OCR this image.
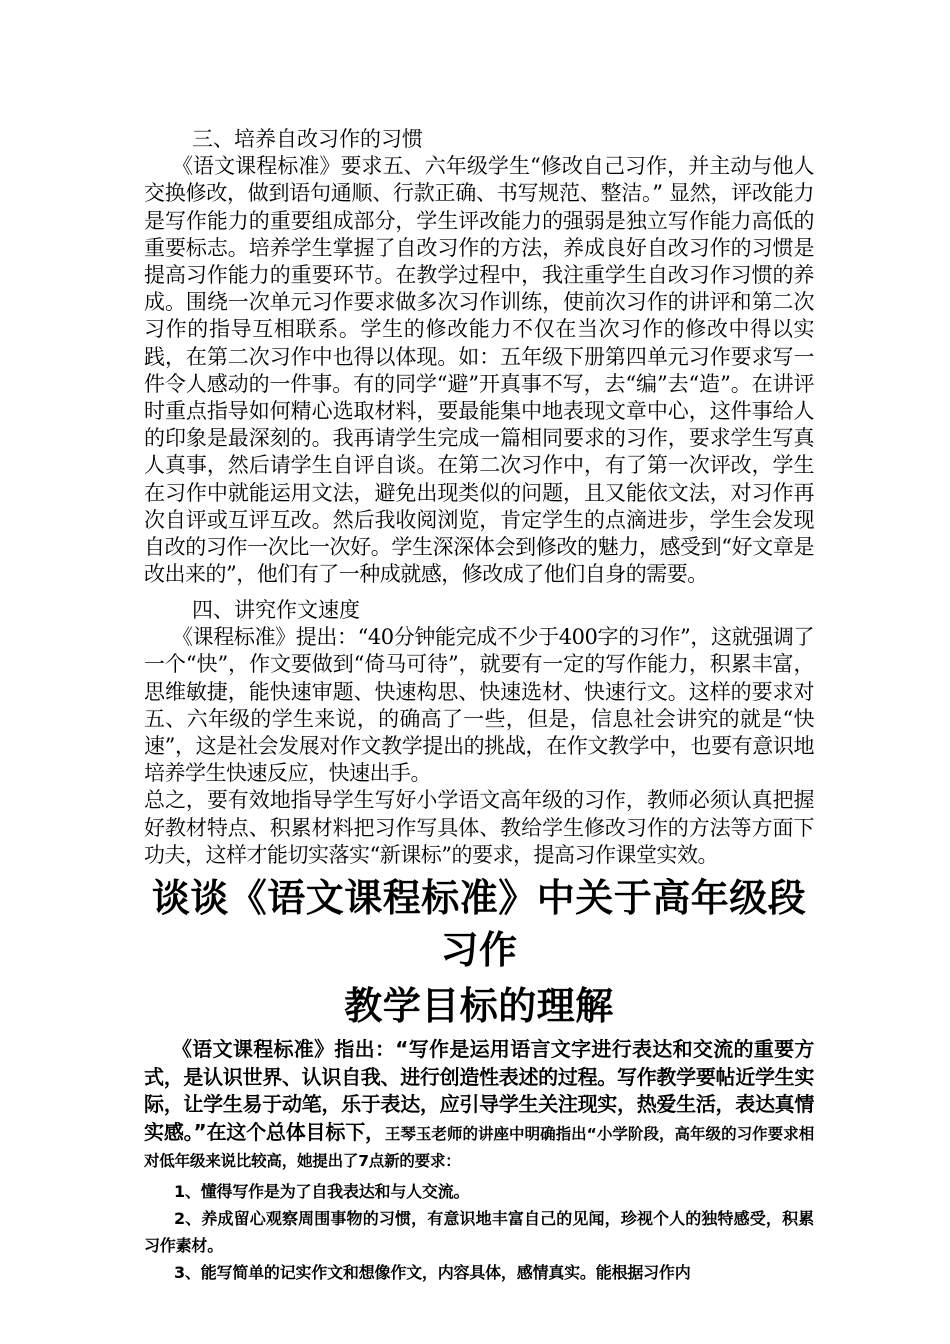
三、培养自改习作的习惯

《语文课程标准》要求五、六年级学生“修改自己习作，并主动与他人交换修改，做到语句通顺、行款正确、书写规范、整洁。” 显然，评改能力是写作能力的重要组成部分，学生评改能力的强弱是独立写作能力高低的重要标志。培养学生掌握了自改习作的方法，养成良好自改习作的习惯是提高习作能力的重要环节。在教学过程中，我注重学生自改习作习惯的养成。围绕一次单元习作要求做多次习作训练，使前次习作的讲评和第二次习作的指导互相联系。学生的修改能力不仅在当次习作的修改中得以实践，在第二次习作中也得以体现。如：五年级下册第四单元习作要求写一件令人感动的一件事。有的同学“避”开真事不写，去“编”去“造”。在讲评时重点指导如何精心选取材料，要最能集中地表现文章中心，这件事给人的印象是最深刻的。我再请学生完成一篇相同要求的习作，要求学生写真人真事，然后请学生自评自谈。在第二次习作中，有了第一次评改，学生在习作中就能运用文法，避免出现类似的问题，且又能依文法，对习作再次自评或互评互改。然后我收阅浏览，肯定学生的点滴进步，学生会发现自改的习作一次比一次好。学生深深体会到修改的魅力，感受到“好文章是改出来的”，他们有了一种成就感，修改成了他们自身的需要。

四、讲究作文速度

《课程标准》提出：“40分钟能完成不少于400字的习作”，这就强调了一个“快”，作文要做到“倚马可待”，就要有一定的写作能力，积累丰富，思维敏捷，能快速审题、快速构思、快速选材、快速行文。这样的要求对五、六年级的学生来说，的确高了一些，但是，信息社会讲究的就是“快速”，这是社会发展对作文教学提出的挑战，在作文教学中，也要有意识地培养学生快速反应，快速出手。

总之，要有效地指导学生写好小学语文高年级的习作，教师必须认真把握好教材特点、积累材料把习作写具体、教给学生修改习作的方法等方面下功夫，这样才能切实落实“新课标”的要求，提高习作课堂实效。

谈谈《语文课程标准》中关于高年级段习作

教学目标的理解

《语文课程标准》指出：“写作是运用语言文字进行表达和交流的重要方式，是认识世界、认识自我、进行创造性表述的过程。写作教学要帖近学生实际，让学生易于动笔，乐于表达，应引导学生关注现实，热爱生活，表达真情实感。”在这个总体目标下，王琴玉老师的讲座中明确指出“小学阶段，高年级的习作要求相对低年级来说比较高，她提出了7点新的要求：

1、懂得写作是为了自我表达和与人交流。

2、养成留心观察周围事物的习惯，有意识地丰富自己的见闻，珍视个人的独特感受，积累习作素材。

3、能写简单的记实作文和想像作文，内容具体，感情真实。能根据习作内
